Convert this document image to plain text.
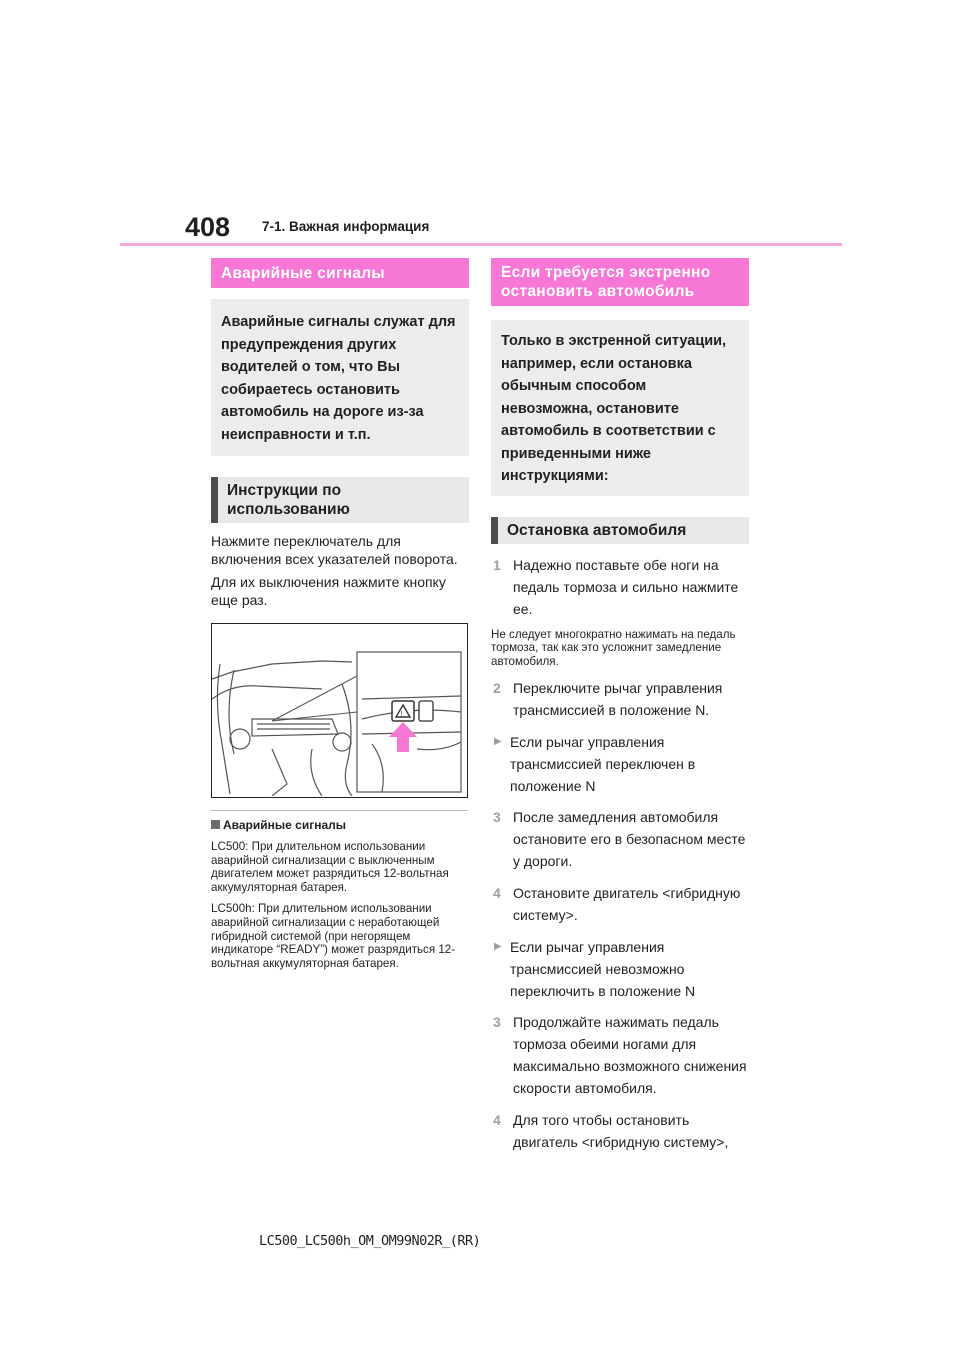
408 7-1. Важная информация
Аварийные сигналы
Аварийные сигналы служат для предупреждения других водителей о том, что Вы собираетесь остановить автомобиль на дороге из-за неисправности и т.п.
Инструкции по использованию

Нажмите переключатель для включения всех указателей поворота.

Для их выключения нажмите кнопку еще раз.

!
Аварийные сигналы

LC500: При длительном использовании аварийной сигнализации с выключенным двигателем может разрядиться 12-вольтная аккумуляторная батарея.

LC500h: При длительном использовании аварийной сигнализации с неработающей гибридной системой (при негорящем индикаторе “READY”) может разрядиться 12-вольтная аккумуляторная батарея.

Если требуется экстренно остановить автомобиль
Только в экстренной ситуации, например, если остановка обычным способом невозможна, остановите автомобиль в соответствии с приведенными ниже инструкциями:
Остановка автомобиля
1 Надежно поставьте обе ноги на педаль тормоза и сильно нажмите ее.

Не следует многократно нажимать на педаль тормоза, так как это усложнит замедление автомобиля.

2 Переключите рычаг управления трансмиссией в положение N.
▶ Если рычаг управления трансмиссией переключен в положение N
3 После замедления автомобиля остановите его в безопасном месте у дороги.
4 Остановите двигатель <гибридную систему>.
▶ Если рычаг управления трансмиссией невозможно переключить в положение N
3 Продолжайте нажимать педаль тормоза обеими ногами для максимально возможного снижения скорости автомобиля.
4 Для того чтобы остановить двигатель <гибридную систему>,
LC500_LC500h_OM_OM99N02R_(RR)
